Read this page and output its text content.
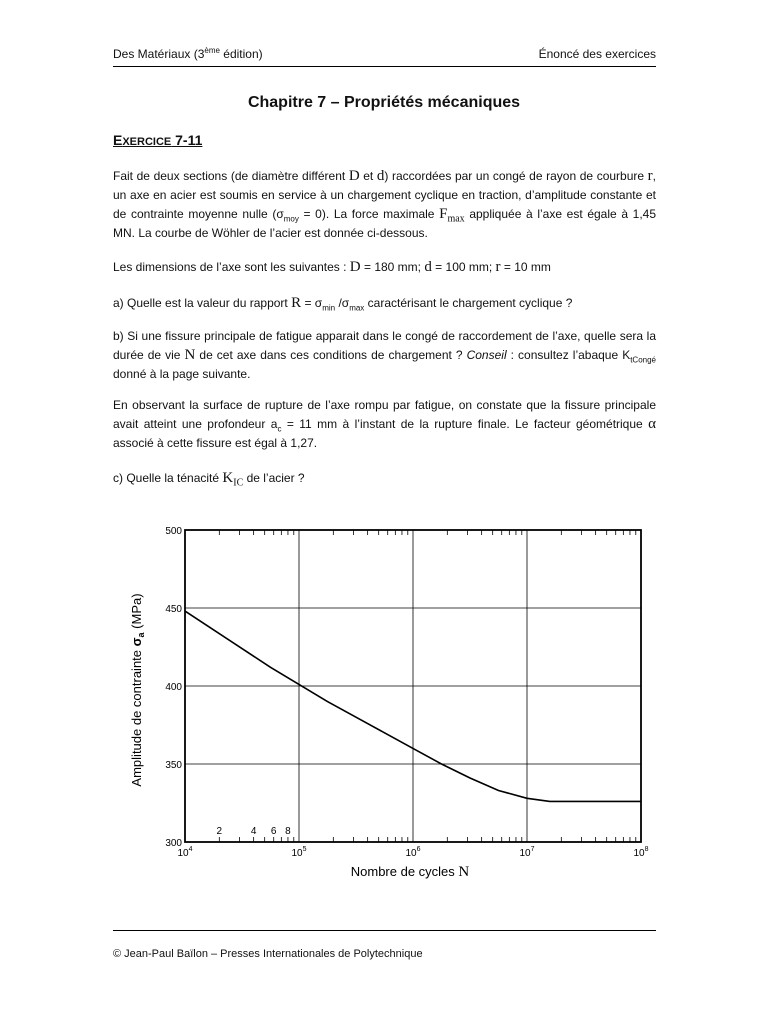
Des Matériaux (3ème édition)	Énoncé des exercices
Chapitre 7 – Propriétés mécaniques
EXERCICE 7-11
Fait de deux sections (de diamètre différent D et d) raccordées par un congé de rayon de courbure r, un axe en acier est soumis en service à un chargement cyclique en traction, d’amplitude constante et de contrainte moyenne nulle $(\sigma_{moy} = 0)$. La force maximale $F_{max}$ appliquée à l’axe est égale à 1,45 MN. La courbe de Wöhler de l’acier est donnée ci-dessous.
Les dimensions de l’axe sont les suivantes : D = 180 mm; d = 100 mm; r = 10 mm
a) Quelle est la valeur du rapport $R = \sigma_{min}$ $/\sigma_{max}$ caractérisant le chargement cyclique ?
b) Si une fissure principale de fatigue apparait dans le congé de raccordement de l’axe, quelle sera la durée de vie N de cet axe dans ces conditions de chargement ? Conseil : consultez l’abaque $K_{tCongé}$ donné à la page suivante.
En observant la surface de rupture de l’axe rompu par fatigue, on constate que la fissure principale avait atteint une profondeur $a_c = 11$ mm à l’instant de la rupture finale. Le facteur géométrique α associé à cette fissure est égal à 1,27.
c) Quelle la ténacité $K_{IC}$ de l’acier ?
300
350
400
450
500
$10^4$	$10^5$	$10^6$	$10^7$	$10^8$
2	4 6 8
Nombre de cycles N
Amplitude de contrainte $\sigma_a$ (MPa)
© Jean-Paul Baïlon – Presses Internationales de Polytechnique
